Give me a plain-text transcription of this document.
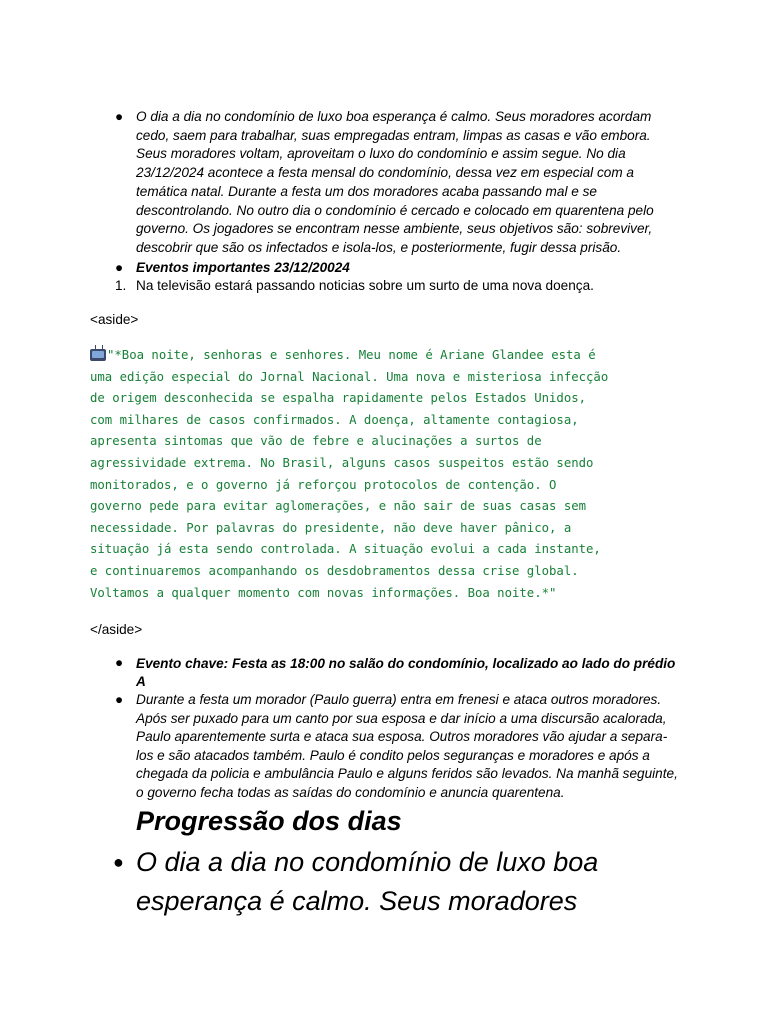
● O dia a dia no condomínio de luxo boa esperança é calmo. Seus moradores acordam cedo, saem para trabalhar, suas empregadas entram, limpas as casas e vão embora. Seus moradores voltam, aproveitam o luxo do condomínio e assim segue. No dia 23/12/2024 acontece a festa mensal do condomínio, dessa vez em especial com a temática natal. Durante a festa um dos moradores acaba passando mal e se descontrolando. No outro dia o condomínio é cercado e colocado em quarentena pelo governo. Os jogadores se encontram nesse ambiente, seus objetivos são: sobreviver, descobrir que são os infectados e isola-los, e posteriormente, fugir dessa prisão.
● Eventos importantes 23/12/20024
1. Na televisão estará passando noticias sobre um surto de uma nova doença.
<aside>
"*Boa noite, senhoras e senhores. Meu nome é Ariane Glandee esta é
uma edição especial do Jornal Nacional. Uma nova e misteriosa infecção
de origem desconhecida se espalha rapidamente pelos Estados Unidos,
com milhares de casos confirmados. A doença, altamente contagiosa,
apresenta sintomas que vão de febre e alucinações a surtos de
agressividade extrema. No Brasil, alguns casos suspeitos estão sendo
monitorados, e o governo já reforçou protocolos de contenção. O
governo pede para evitar aglomerações, e não sair de suas casas sem
necessidade. Por palavras do presidente, não deve haver pânico, a
situação já esta sendo controlada. A situação evolui a cada instante,
e continuaremos acompanhando os desdobramentos dessa crise global.
Voltamos a qualquer momento com novas informações. Boa noite.*"
</aside>
● Evento chave: Festa as 18:00 no salão do condomínio, localizado ao lado do prédio A
● Durante a festa um morador (Paulo guerra) entra em frenesi e ataca outros moradores. Após ser puxado para um canto por sua esposa e dar início a uma discursão acalorada, Paulo aparentemente surta e ataca sua esposa. Outros moradores vão ajudar a separa-los e são atacados também. Paulo é condito pelos seguranças e moradores e após a chegada da policia e ambulância Paulo e alguns feridos são levados. Na manhã seguinte, o governo fecha todas as saídas do condomínio e anuncia quarentena.
Progressão dos dias
● O dia a dia no condomínio de luxo boa esperança é calmo. Seus moradores
